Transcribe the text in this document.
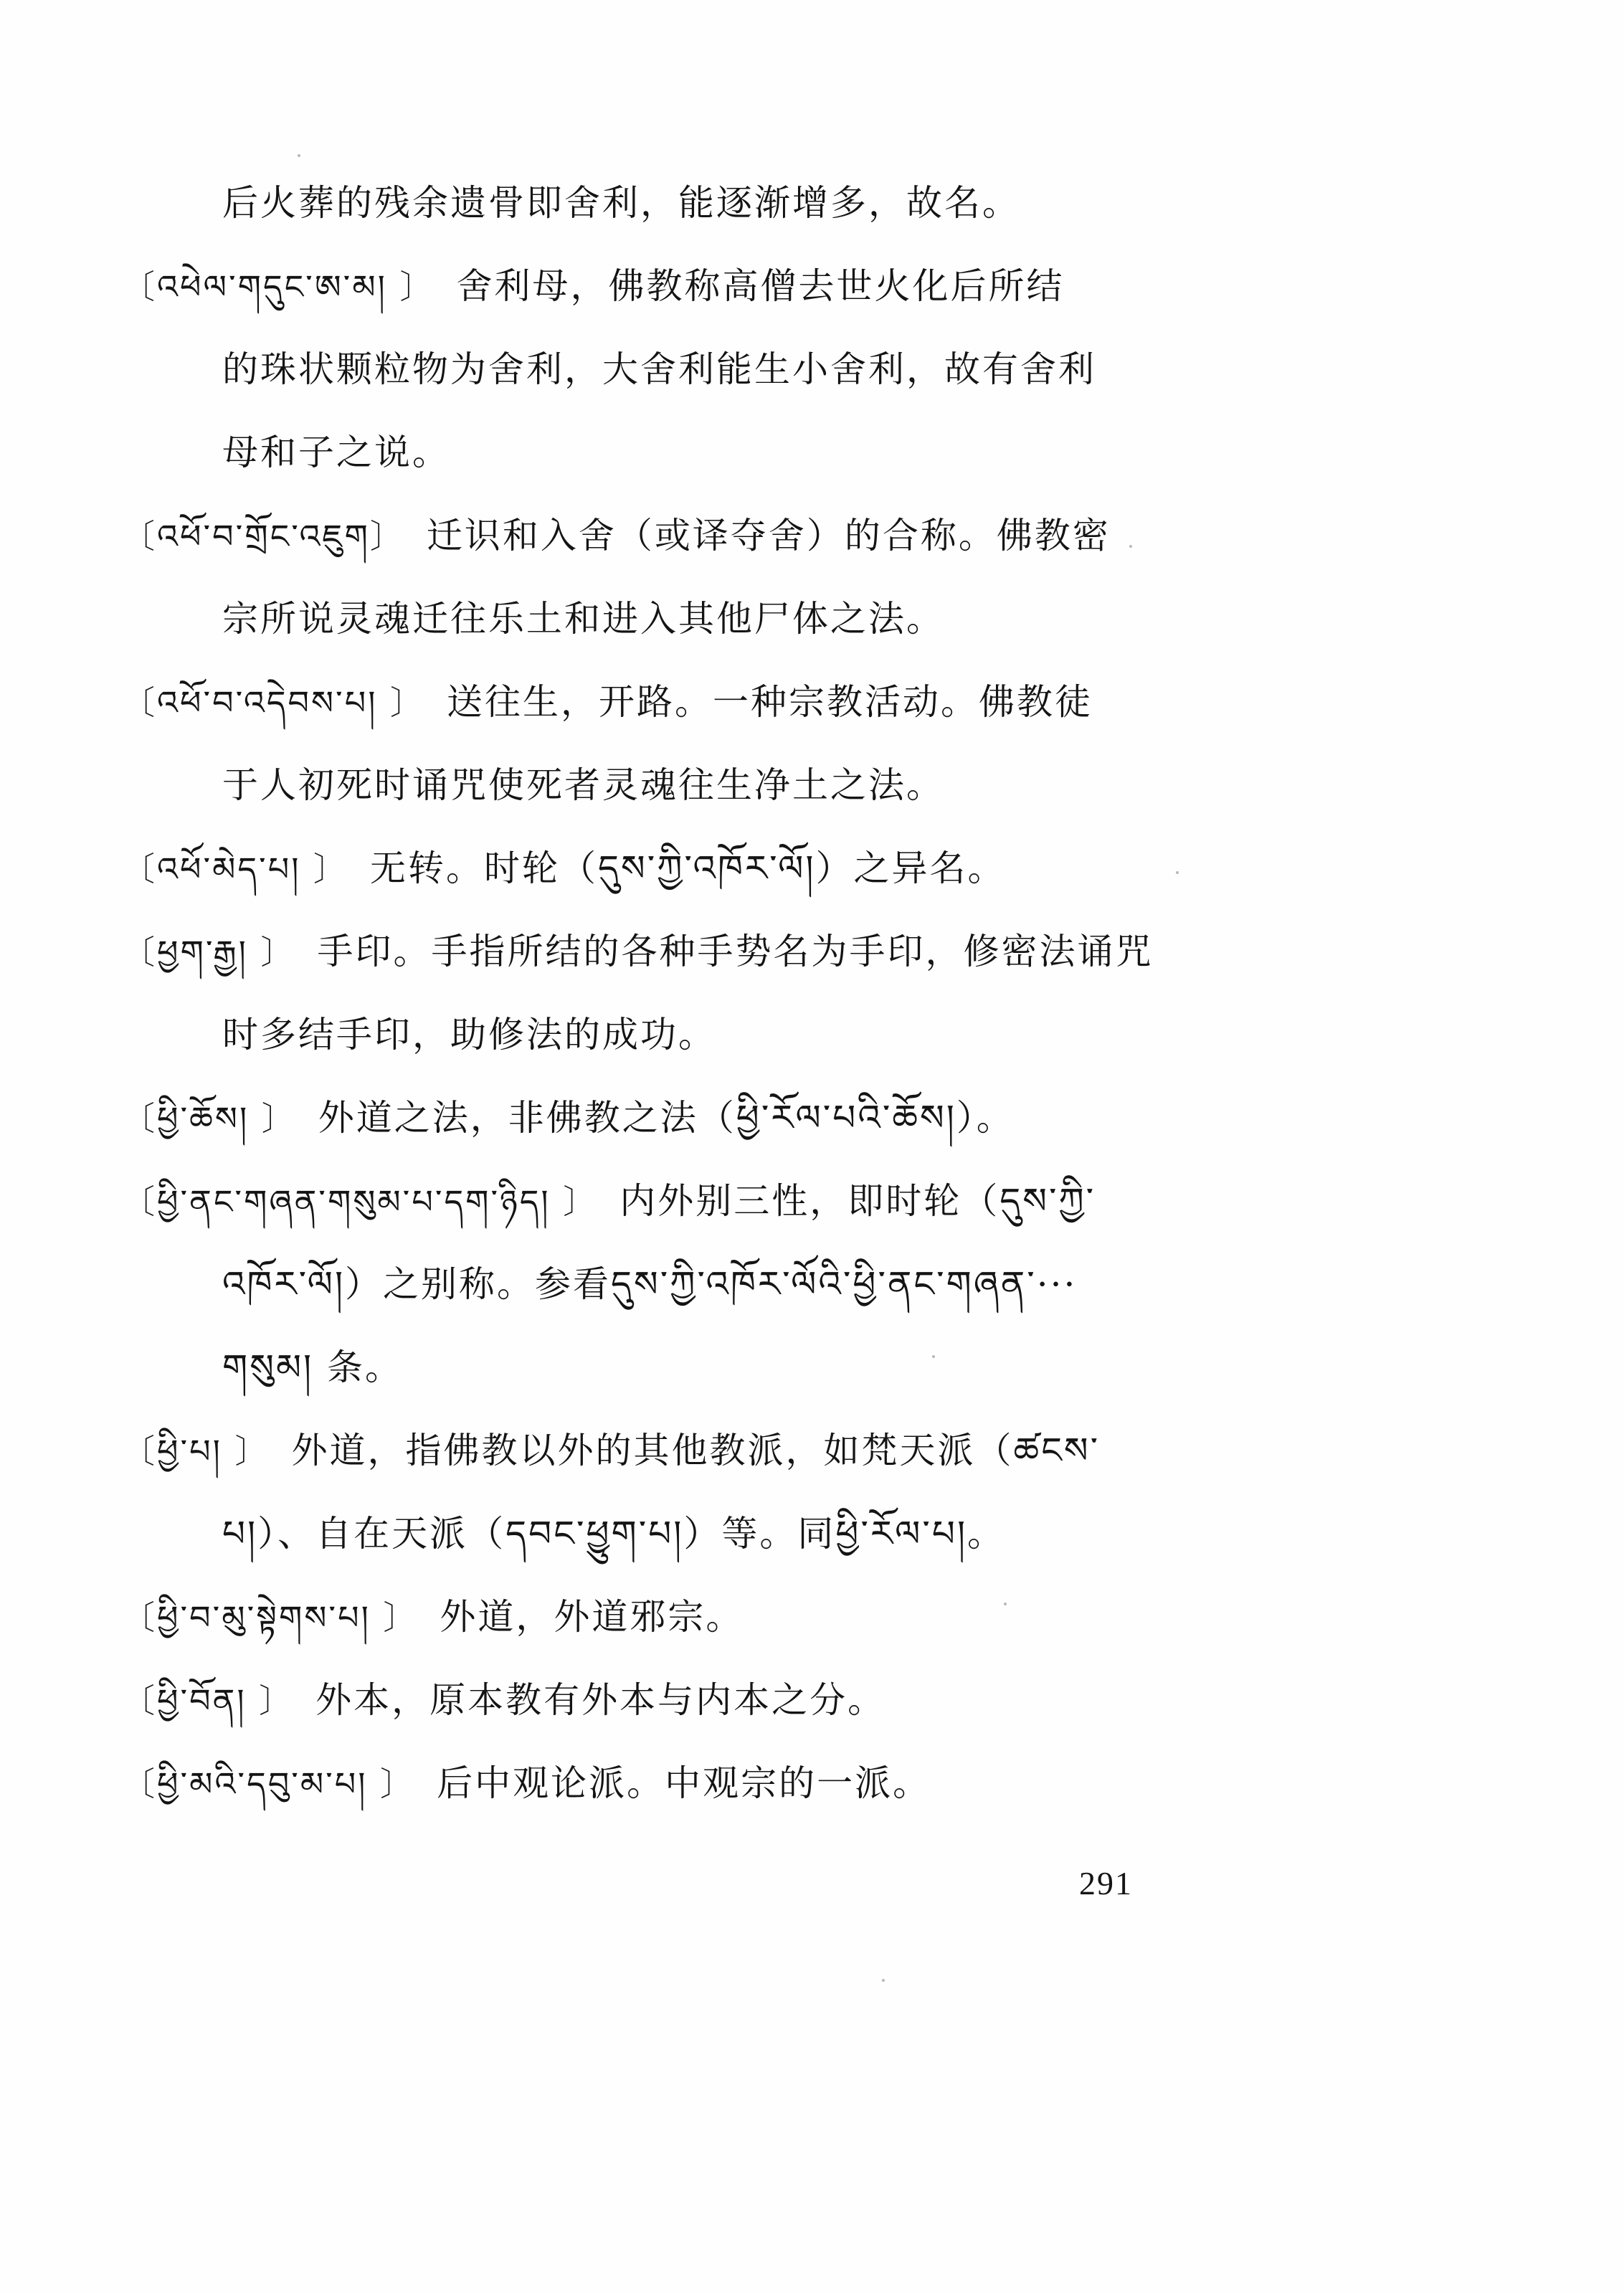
后火葬的残余遗骨即舍利，能逐渐增多，故名。
〔འཕེལ་གདུང་ཨ་མ། 〕 舍利母，佛教称高僧去世火化后所结
的珠状颗粒物为舍利，大舍利能生小舍利，故有舍利
母和子之说。
〔འཕོ་བ་གྲོང་འཇུག〕 迁识和入舍（或译夺舍）的合称。佛教密
宗所说灵魂迁往乐土和进入其他尸体之法。
〔འཕོ་བ་འདེབས་པ། 〕 送往生，开路。一种宗教活动。佛教徒
于人初死时诵咒使死者灵魂往生净土之法。
〔འཕོ་མེད་པ། 〕 无转。时轮（དུས་ཀྱི་འཁོར་ལོ།）之异名。
〔ཕྱག་རྒྱ། 〕 手印。手指所结的各种手势名为手印，修密法诵咒
时多结手印，助修法的成功。
〔ཕྱི་ཆོས། 〕 外道之法，非佛教之法（ཕྱི་རོལ་པའི་ཆོས།）。
〔ཕྱི་ནང་གཞན་གསུམ་པ་དག་ཉིད། 〕 内外别三性，即时轮（དུས་ཀྱི་
འཁོར་ལོ།）之别称。参看དུས་ཀྱི་འཁོར་ལོའི་ཕྱི་ནང་གཞན་···
གསུམ། 条。
〔ཕྱི་པ། 〕 外道，指佛教以外的其他教派，如梵天派（ཚངས་
པ།）、自在天派（དབང་ཕྱུག་པ།）等。同ཕྱི་རོལ་པ།。
〔ཕྱི་བ་མུ་སྟེགས་པ། 〕 外道，外道邪宗。
〔ཕྱི་བོན། 〕 外本，原本教有外本与内本之分。
〔ཕྱི་མའི་དབུ་མ་པ། 〕 后中观论派。中观宗的一派。
291
